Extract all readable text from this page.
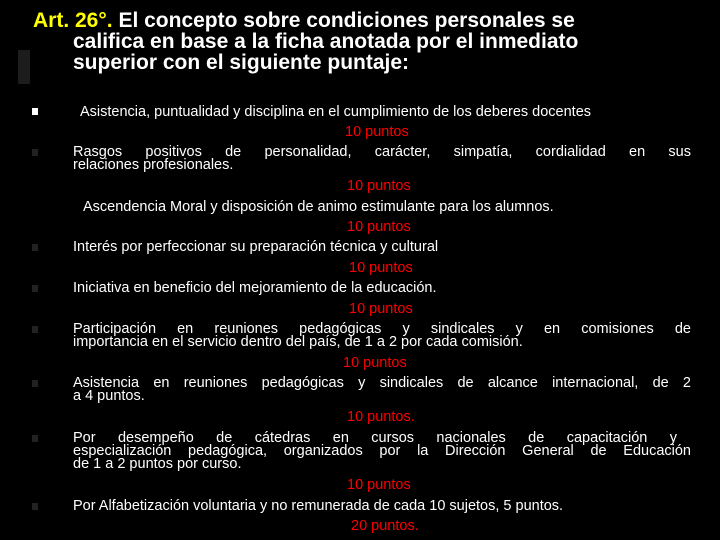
Art. 26°. El concepto sobre condiciones personales se
califica en base a la ficha anotada por el inmediato
superior con el siguiente puntaje:
Asistencia, puntualidad y disciplina en el cumplimiento de los deberes docentes
10 puntos
Rasgos positivos de personalidad, carácter, simpatía, cordialidad en sus
relaciones profesionales.
10 puntos
Ascendencia Moral y disposición de animo estimulante para los alumnos.
10 puntos
Interés por perfeccionar su preparación técnica y cultural
10 puntos
Iniciativa en beneficio del mejoramiento de la educación.
10 puntos
Participación en reuniones pedagógicas y sindicales y en comisiones de
importancia en el servicio dentro del país, de 1 a 2 por cada comisión.
10 puntos
Asistencia en reuniones pedagógicas y sindicales de alcance internacional, de 2
a 4 puntos.
10 puntos.
Por desempeño de cátedras en cursos nacionales de capacitación y
especialización pedagógica, organizados por la Dirección General de Educación
de 1 a 2 puntos por curso.
10 puntos
Por Alfabetización voluntaria y no remunerada de cada 10 sujetos, 5 puntos.
20 puntos.
